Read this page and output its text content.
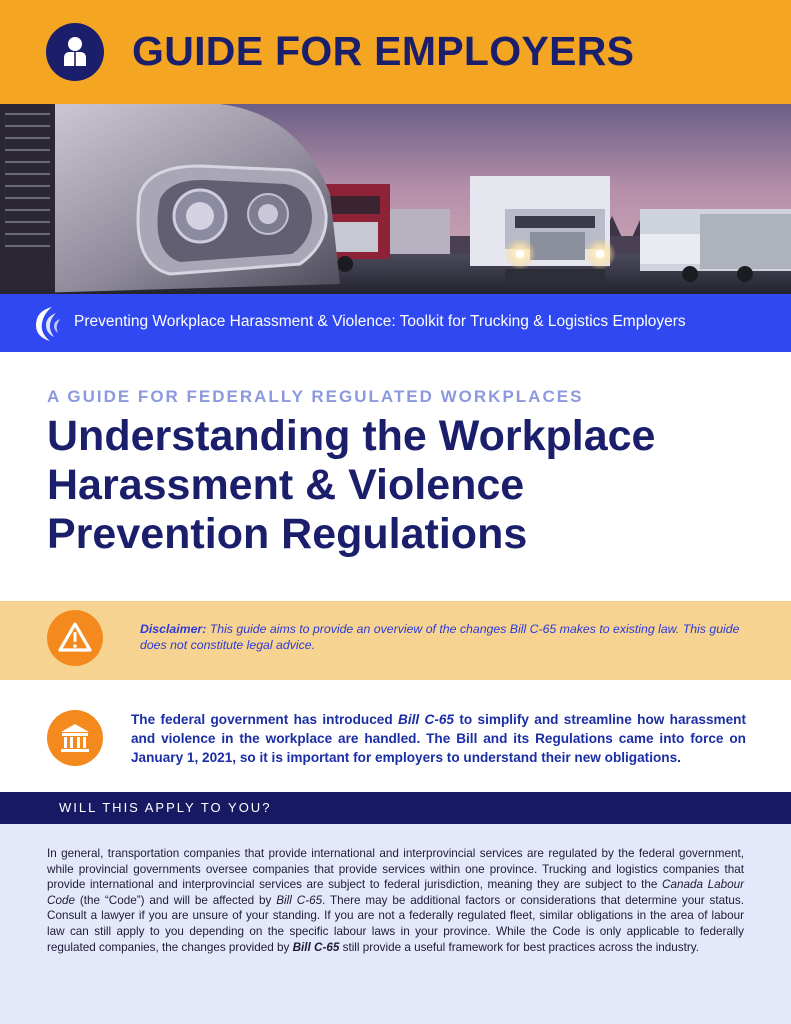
GUIDE FOR EMPLOYERS
Preventing Workplace Harassment & Violence: Toolkit for Trucking & Logistics Employers
A GUIDE FOR FEDERALLY REGULATED WORKPLACES
Understanding the Workplace
Harassment & Violence
Prevention Regulations
Disclaimer: This guide aims to provide an overview of the changes Bill C-65 makes to existing law. This guide does not constitute legal advice.
The federal government has introduced Bill C-65 to simplify and streamline how harassment and violence in the workplace are handled. The Bill and its Regulations came into force on January 1, 2021, so it is important for employers to understand their new obligations.
WILL THIS APPLY TO YOU?
In general, transportation companies that provide international and interprovincial services are regulated by the federal government, while provincial governments oversee companies that provide services within one province. Trucking and logistics companies that provide international and interprovincial services are subject to federal jurisdiction, meaning they are subject to the Canada Labour Code (the “Code”) and will be affected by Bill C-65. There may be additional factors or considerations that determine your status. Consult a lawyer if you are unsure of your standing. If you are not a federally regulated fleet, similar obligations in the area of labour law can still apply to you depending on the specific labour laws in your province. While the Code is only applicable to federally regulated companies, the changes provided by Bill C-65 still provide a useful framework for best practices across the industry.
